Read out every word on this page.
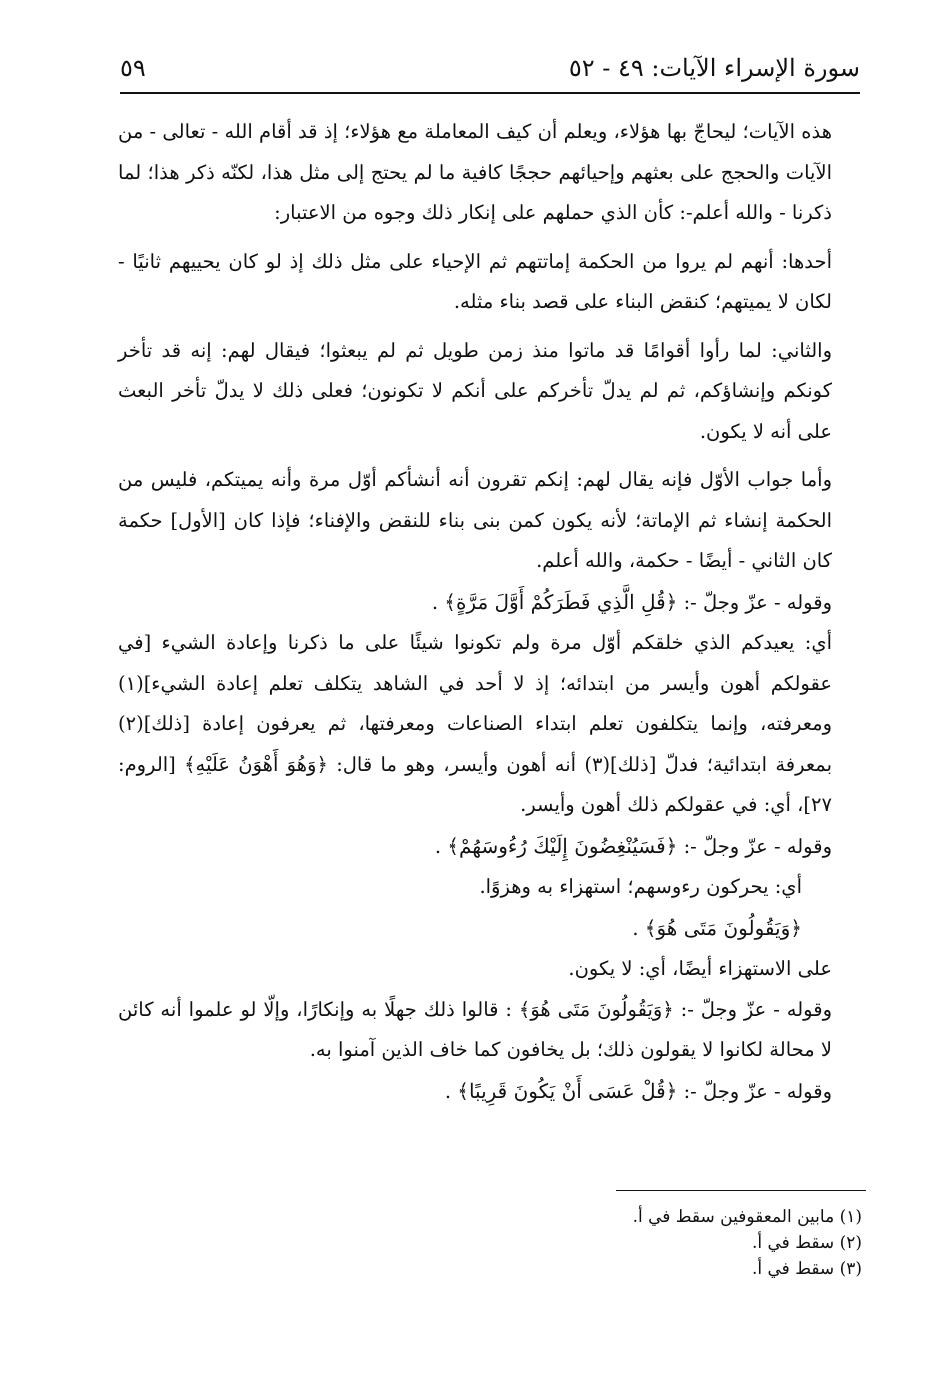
سورة الإسراء الآيات: ٤٩ - ٥٢
٥٩

هذه الآيات؛ ليحاجّ بها هؤلاء، ويعلم أن كيف المعاملة مع هؤلاء؛ إذ قد أقام الله - تعالى - من الآيات والحجج على بعثهم وإحيائهم حججًا كافية ما لم يحتج إلى مثل هذا، لكنّه ذكر هذا؛ لما ذكرنا - والله أعلم-: كأن الذي حملهم على إنكار ذلك وجوه من الاعتبار:

أحدها: أنهم لم يروا من الحكمة إماتتهم ثم الإحياء على مثل ذلك إذ لو كان يحييهم ثانيًا - لكان لا يميتهم؛ كنقض البناء على قصد بناء مثله.

والثاني: لما رأوا أقوامًا قد ماتوا منذ زمن طويل ثم لم يبعثوا؛ فيقال لهم: إنه قد تأخر كونكم وإنشاؤكم، ثم لم يدلّ تأخركم على أنكم لا تكونون؛ فعلى ذلك لا يدلّ تأخر البعث على أنه لا يكون.

وأما جواب الأوّل فإنه يقال لهم: إنكم تقرون أنه أنشأكم أوّل مرة وأنه يميتكم، فليس من الحكمة إنشاء ثم الإماتة؛ لأنه يكون كمن بنى بناء للنقض والإفناء؛ فإذا كان [الأول] حكمة كان الثاني - أيضًا - حكمة، والله أعلم.

وقوله - عزّ وجلّ -: ﴿قُلِ الَّذِي فَطَرَكُمْ أَوَّلَ مَرَّةٍ﴾ .

أي: يعيدكم الذي خلقكم أوّل مرة ولم تكونوا شيئًا على ما ذكرنا وإعادة الشيء [في عقولكم أهون وأيسر من ابتدائه؛ إذ لا أحد في الشاهد يتكلف تعلم إعادة الشيء](١) ومعرفته، وإنما يتكلفون تعلم ابتداء الصناعات ومعرفتها، ثم يعرفون إعادة [ذلك](٢) بمعرفة ابتدائية؛ فدلّ [ذلك](٣) أنه أهون وأيسر، وهو ما قال: ﴿وَهُوَ أَهْوَنُ عَلَيْهِ﴾ [الروم: ٢٧]، أي: في عقولكم ذلك أهون وأيسر.

وقوله - عزّ وجلّ -: ﴿فَسَيُنْغِضُونَ إِلَيْكَ رُءُوسَهُمْ﴾ .

أي: يحركون رءوسهم؛ استهزاء به وهزوًا.

﴿وَيَقُولُونَ مَتَى هُوَ﴾ .

على الاستهزاء أيضًا، أي: لا يكون.

وقوله - عزّ وجلّ -: ﴿وَيَقُولُونَ مَتَى هُوَ﴾ : قالوا ذلك جهلًا به وإنكارًا، وإلّا لو علموا أنه كائن لا محالة لكانوا لا يقولون ذلك؛ بل يخافون كما خاف الذين آمنوا به.

وقوله - عزّ وجلّ -: ﴿قُلْ عَسَى أَنْ يَكُونَ قَرِيبًا﴾ .

(١) مابين المعقوفين سقط في أ.

(٢) سقط في أ.

(٣) سقط في أ.
